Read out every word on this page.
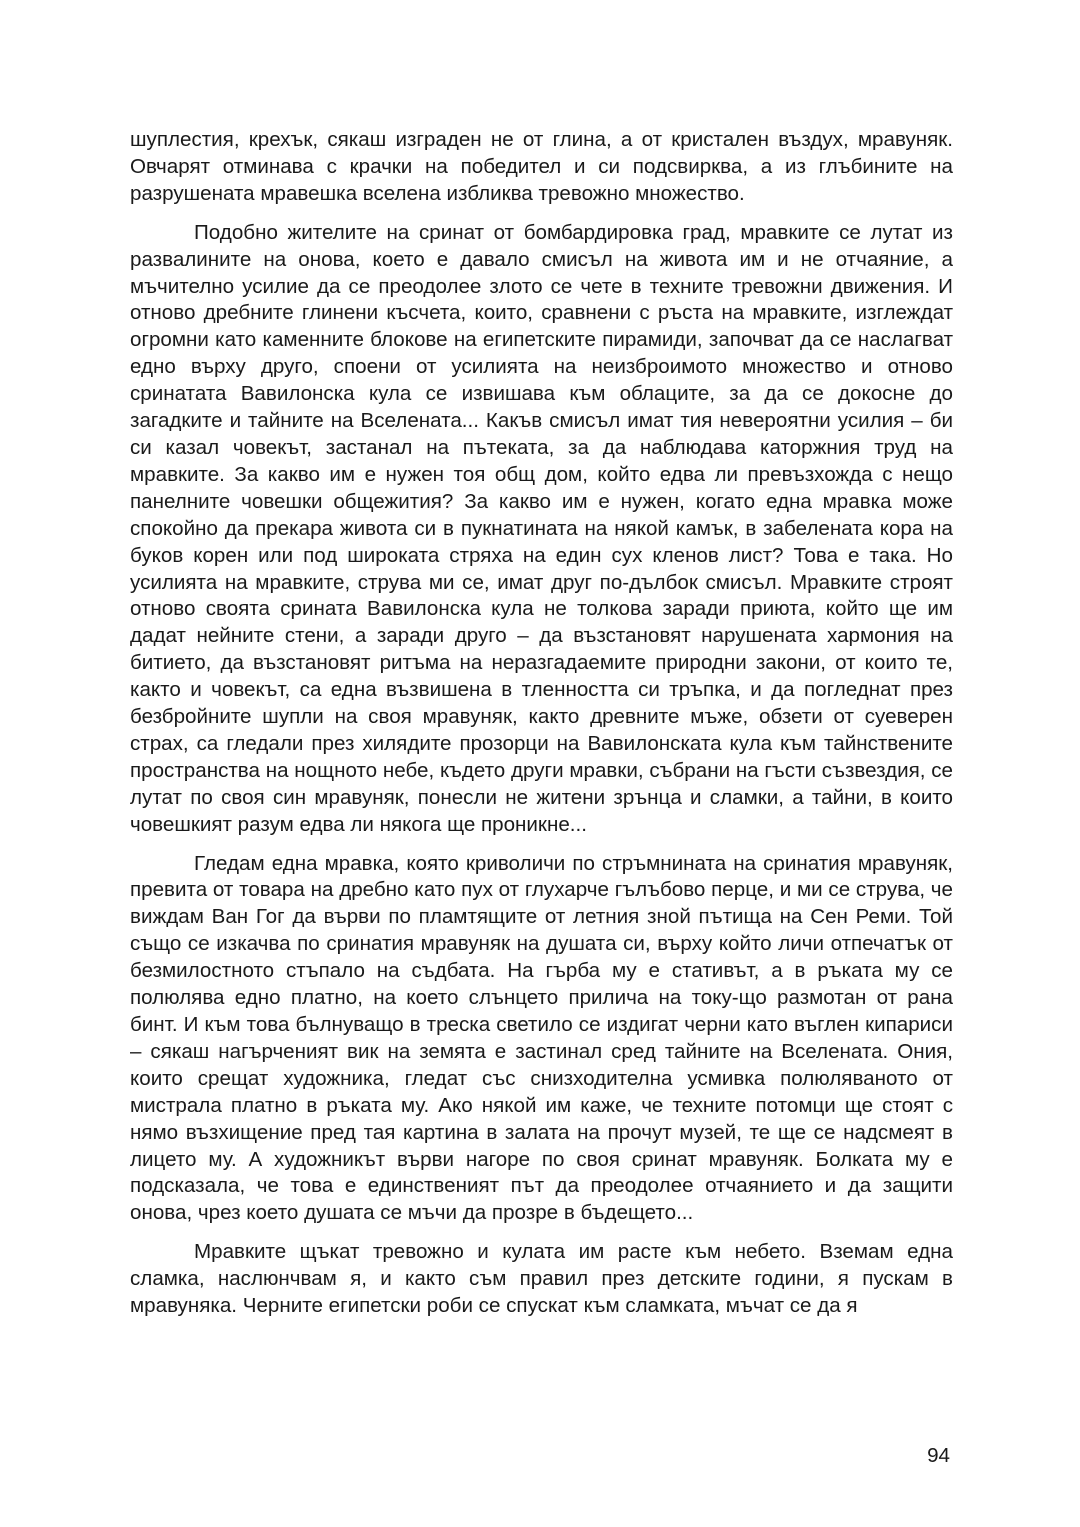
шуплестия, крехък, сякаш изграден не от глина, а от кристален въздух, мравуняк. Овчарят отминава с крачки на победител и си подсвирква, а из глъбините на разрушената мравешка вселена избликва тревожно множество.

Подобно жителите на сринат от бомбардировка град, мравките се лутат из развалините на онова, което е давало смисъл на живота им и не отчаяние, а мъчително усилие да се преодолее злото се чете в техните тревожни движения. И отново дребните глинени късчета, които, сравнени с ръста на мравките, изглеждат огромни като каменните блокове на египетските пирамиди, започват да се наслагват едно върху друго, споени от усилията на неизброимото множество и отново сринатата Вавилонска кула се извишава към облаците, за да се докосне до загадките и тайните на Вселената... Какъв смисъл имат тия невероятни усилия – би си казал човекът, застанал на пътеката, за да наблюдава каторжния труд на мравките. За какво им е нужен тоя общ дом, който едва ли превъзхожда с нещо панелните човешки общежития? За какво им е нужен, когато една мравка може спокойно да прекара живота си в пукнатината на някой камък, в забелената кора на буков корен или под широката стряха на един сух кленов лист? Това е така. Но усилията на мравките, струва ми се, имат друг по-дълбок смисъл. Мравките строят отново своята сринатa Вавилонска кула не толкова заради приюта, който ще им дадат нейните стени, а заради друго – да възстановят нарушената хармония на битието, да възстановят ритъма на неразгадаемите природни закони, от които те, както и човекът, са една възвишена в тленността си тръпка, и да погледнат през безбройните шупли на своя мравуняк, както древните мъже, обзети от суеверен страх, са гледали през хилядите прозорци на Вавилонската кула към тайнствените пространства на нощното небе, където други мравки, събрани на гъсти съзвездия, се лутат по своя син мравуняк, понесли не житени зрънца и сламки, а тайни, в които човешкият разум едва ли някога ще проникне...

Гледам една мравка, която криволичи по стръмнината на сринатия мравуняк, превита от товара на дребно като пух от глухарче гълъбово перце, и ми се струва, че виждам Ван Гог да върви по пламтящите от летния зной пътища на Сен Реми. Той също се изкачва по сринатия мравуняк на душата си, върху който личи отпечатък от безмилостното стъпало на съдбата. На гърба му е стативът, а в ръката му се полюлява едно платно, на което слънцето прилича на току-що размотан от рана бинт. И към това бълнуващо в треска светило се издигат черни като въглен кипариси – сякаш нагърченият вик на земята е застинал сред тайните на Вселената. Ония, които срещат художника, гледат със снизходителна усмивка полюляваното от мистрала платно в ръката му. Ако някой им каже, че техните потомци ще стоят с нямо възхищение пред тая картина в залата на прочут музей, те ще се надсмеят в лицето му. А художникът върви нагоре по своя сринат мравуняк. Болката му е подсказала, че това е единственият път да преодолее отчаянието и да защити онова, чрез което душата се мъчи да прозре в бъдещето...

Мравките щъкат тревожно и кулата им расте към небето. Вземам една сламка, наслюнчвам я, и както съм правил през детските години, я пускам в мравуняка. Черните египетски роби се спускат към сламката, мъчат се да я

94
